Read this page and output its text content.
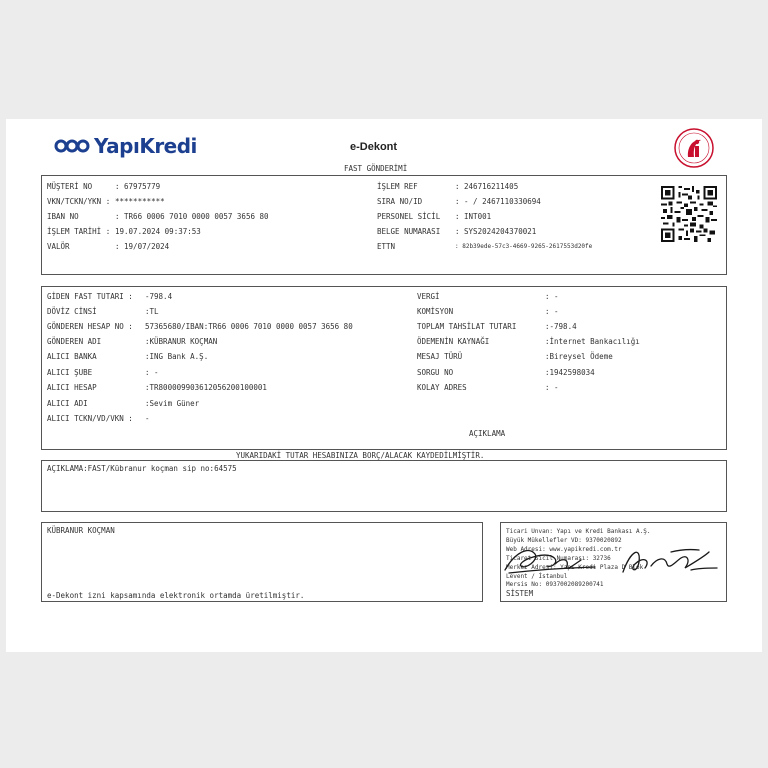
YapıKredi	e-Dekont
FAST GÖNDERİMİ
MÜŞTERİ NO	: 67975779
VKN/TCKN/YKN : ***********
IBAN NO	: TR66 0006 7010 0000 0057 3656 80
İŞLEM TARİHİ : 19.07.2024 09:37:53
VALÖR	: 19/07/2024
İŞLEM REF	: 246716211405
SIRA NO/ID	: - / 2467110330694
PERSONEL SİCİL : INT001
BELGE NUMARASI : SYS2024204370021
ETTN	: 82b39ede-57c3-4669-9265-2617553d20fe
GİDEN FAST TUTARI : -798.4
DÖVİZ CİNSİ	:TL
GÖNDEREN HESAP NO : 57365680/IBAN:TR66 0006 7010 0000 0057 3656 80
GÖNDEREN ADI	:KÜBRANUR KOÇMAN
ALICI BANKA	:ING Bank A.Ş.
ALICI ŞUBE	: -
ALICI HESAP	:TR800009903612056200100001
ALICI ADI	:Sevim Güner
ALICI TCKN/VD/VKN : -
VERGİ	: -
KOMİSYON	: -
TOPLAM TAHSİLAT TUTARI	:-798.4
ÖDEMENİN KAYNAĞI	:İnternet Bankacılığı
MESAJ TÜRÜ	:Bireysel Ödeme
SORGU NO	:1942598034
KOLAY ADRES	: -
AÇIKLAMA
YUKARIDAKİ TUTAR HESABINIZA BORÇ/ALACAK KAYDEDİLMİŞTİR.
AÇIKLAMA:FAST/Kübranur koçman sip no:64575
KÜBRANUR KOÇMAN
e-Dekont izni kapsamında elektronik ortamda üretilmiştir.
Ticari Unvan: Yapı ve Kredi Bankası A.Ş.
Büyük Mükellefler VD: 9370020892
Web Adresi: www.yapikredi.com.tr
Ticaret Sicil Numarası: 32736
Merkez Adresi: Yapı Kredi Plaza D Blok
Levent / İstanbul
Mersis No: 0937002089200741
SİSTEM
